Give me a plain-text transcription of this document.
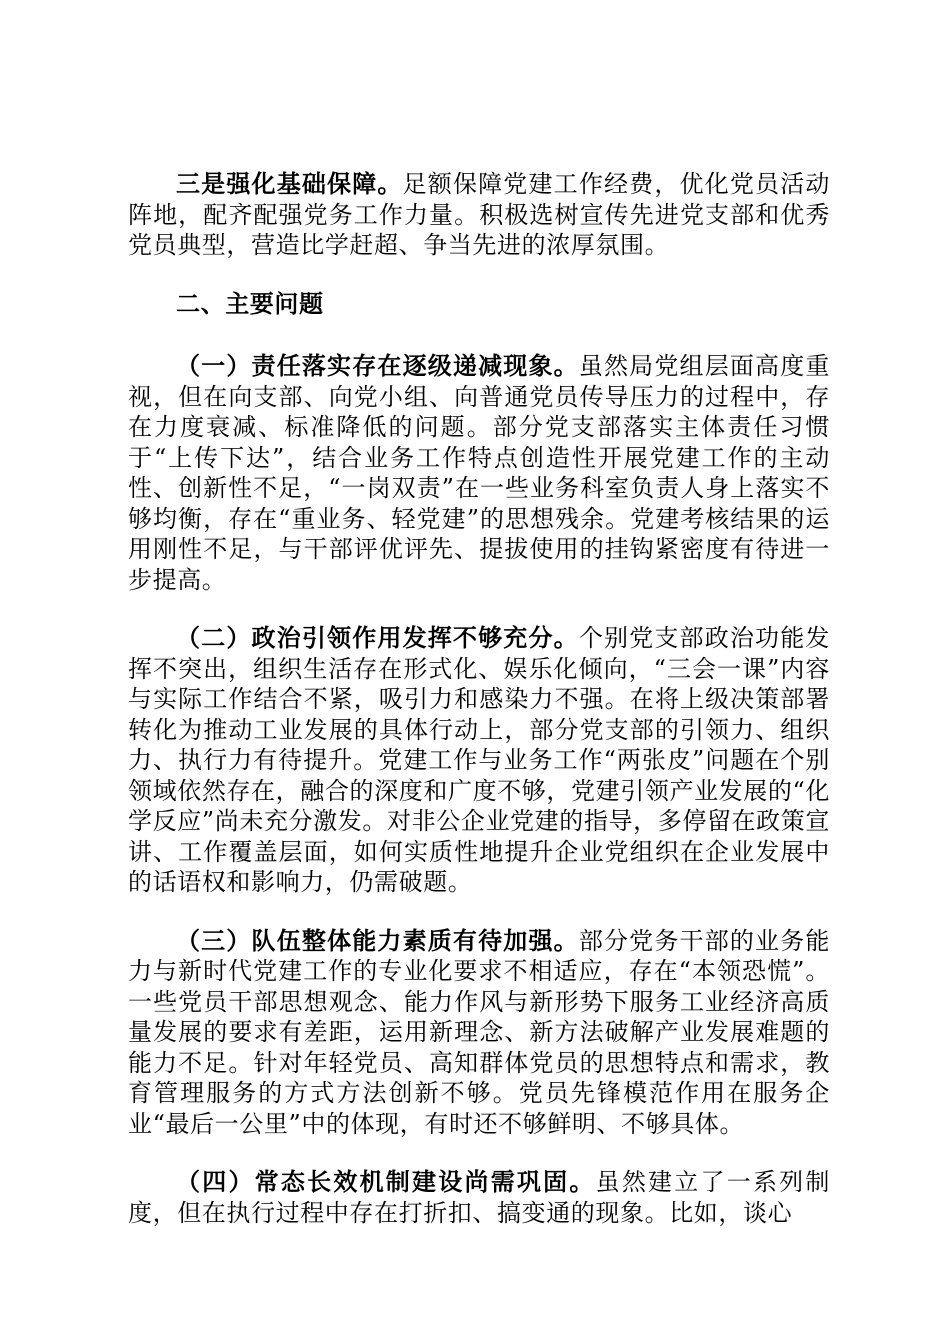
三是强化基础保障。足额保障党建工作经费，优化党员活动阵地，配齐配强党务工作力量。积极选树宣传先进党支部和优秀党员典型，营造比学赶超、争当先进的浓厚氛围。

二、主要问题

（一）责任落实存在逐级递减现象。虽然局党组层面高度重视，但在向支部、向党小组、向普通党员传导压力的过程中，存在力度衰减、标准降低的问题。部分党支部落实主体责任习惯于“上传下达”，结合业务工作特点创造性开展党建工作的主动性、创新性不足，“一岗双责”在一些业务科室负责人身上落实不够均衡，存在“重业务、轻党建”的思想残余。党建考核结果的运用刚性不足，与干部评优评先、提拔使用的挂钩紧密度有待进一步提高。

（二）政治引领作用发挥不够充分。个别党支部政治功能发挥不突出，组织生活存在形式化、娱乐化倾向，“三会一课”内容与实际工作结合不紧，吸引力和感染力不强。在将上级决策部署转化为推动工业发展的具体行动上，部分党支部的引领力、组织力、执行力有待提升。党建工作与业务工作“两张皮”问题在个别领域依然存在，融合的深度和广度不够，党建引领产业发展的“化学反应”尚未充分激发。对非公企业党建的指导，多停留在政策宣讲、工作覆盖层面，如何实质性地提升企业党组织在企业发展中的话语权和影响力，仍需破题。

（三）队伍整体能力素质有待加强。部分党务干部的业务能力与新时代党建工作的专业化要求不相适应，存在“本领恐慌”。一些党员干部思想观念、能力作风与新形势下服务工业经济高质量发展的要求有差距，运用新理念、新方法破解产业发展难题的能力不足。针对年轻党员、高知群体党员的思想特点和需求，教育管理服务的方式方法创新不够。党员先锋模范作用在服务企业“最后一公里”中的体现，有时还不够鲜明、不够具体。

（四）常态长效机制建设尚需巩固。虽然建立了一系列制度，但在执行过程中存在打折扣、搞变通的现象。比如，谈心
